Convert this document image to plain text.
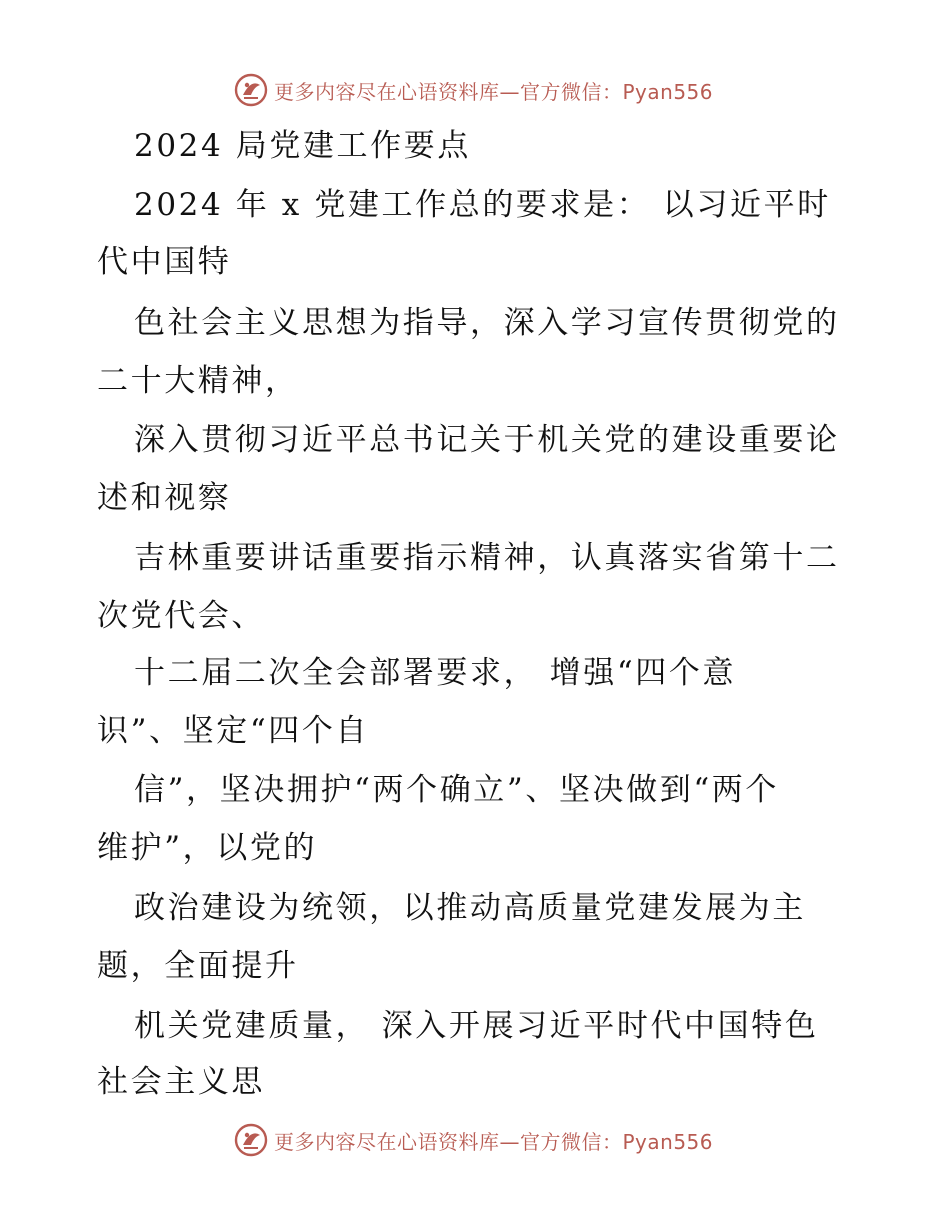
更多内容尽在心语资料库—官方微信：Pyan556
2024 局党建工作要点
2024 年 x 党建工作总的要求是： 以习近平时
代中国特
色社会主义思想为指导，深入学习宣传贯彻党的
二十大精神，
深入贯彻习近平总书记关于机关党的建设重要论
述和视察
吉林重要讲话重要指示精神，认真落实省第十二
次党代会、
十二届二次全会部署要求， 增强“四个意
识”、坚定“四个自
信”，坚决拥护“两个确立”、坚决做到“两个
维护”，以党的
政治建设为统领，以推动高质量党建发展为主
题，全面提升
机关党建质量， 深入开展习近平时代中国特色
社会主义思
更多内容尽在心语资料库—官方微信：Pyan556
